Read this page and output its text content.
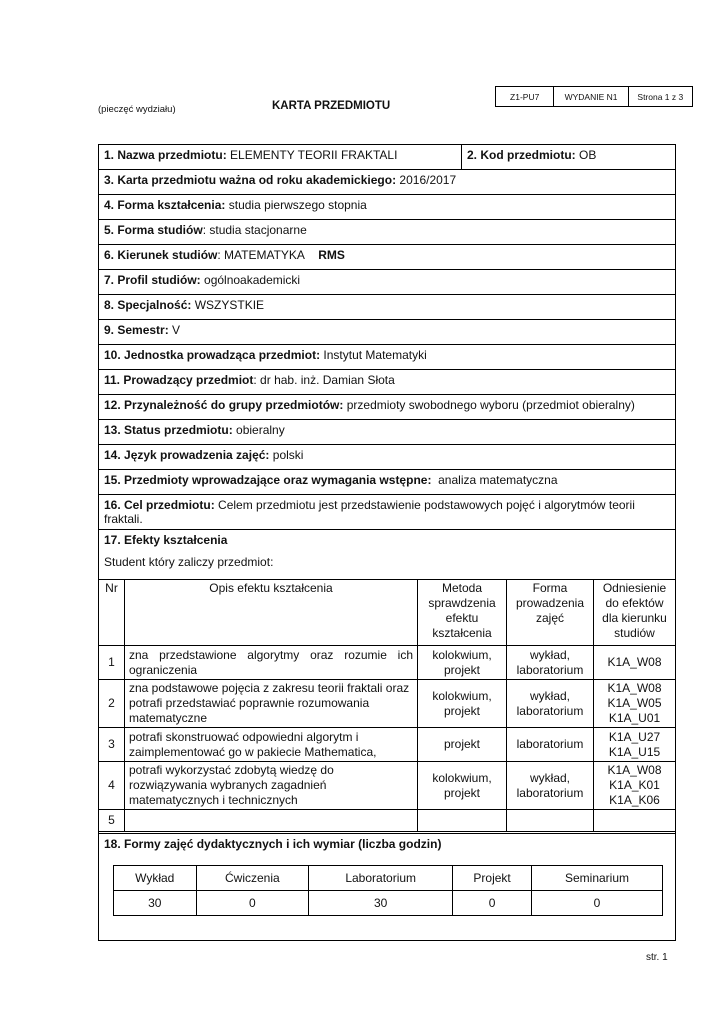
(pieczęć wydziału)	KARTA PRZEDMIOTU
Z1-PU7	WYDANIE N1	Strona 1 z 3
1. Nazwa przedmiotu: ELEMENTY TEORII FRAKTALI	2. Kod przedmiotu: OB
3. Karta przedmiotu ważna od roku akademickiego: 2016/2017
4. Forma kształcenia: studia pierwszego stopnia
5. Forma studiów: studia stacjonarne
6. Kierunek studiów: MATEMATYKA RMS
7. Profil studiów: ogólnoakademicki
8. Specjalność: WSZYSTKIE
9. Semestr: V
10. Jednostka prowadząca przedmiot: Instytut Matematyki
11. Prowadzący przedmiot: dr hab. inż. Damian Słota
12. Przynależność do grupy przedmiotów: przedmioty swobodnego wyboru (przedmiot obieralny)
13. Status przedmiotu: obieralny
14. Język prowadzenia zajęć: polski
15. Przedmioty wprowadzające oraz wymagania wstępne: analiza matematyczna
16. Cel przedmiotu: Celem przedmiotu jest przedstawienie podstawowych pojęć i algorytmów teorii fraktali.
17. Efekty kształcenia

Student który zaliczy przedmiot:
Nr	Opis efektu kształcenia	Metoda sprawdzenia efektu kształcenia	Forma prowadzenia zajęć	Odniesienie do efektów dla kierunku studiów
1	zna przedstawione algorytmy oraz rozumie ich ograniczenia	kolokwium, projekt	wykład, laboratorium	K1A_W08
2	zna podstawowe pojęcia z zakresu teorii fraktali oraz potrafi przedstawiać poprawnie rozumowania matematyczne	kolokwium, projekt	wykład, laboratorium	K1A_W08 K1A_W05 K1A_U01
3	potrafi skonstruować odpowiedni algorytm i zaimplementować go w pakiecie Mathematica,	projekt	laboratorium	K1A_U27 K1A_U15
4	potrafi wykorzystać zdobytą wiedzę do rozwiązywania wybranych zagadnień matematycznych i technicznych	kolokwium, projekt	wykład, laboratorium	K1A_W08 K1A_K01 K1A_K06
5				
18. Formy zajęć dydaktycznych i ich wymiar (liczba godzin)
Wykład	Ćwiczenia	Laboratorium	Projekt	Seminarium
30	0	30	0	0
str. 1
